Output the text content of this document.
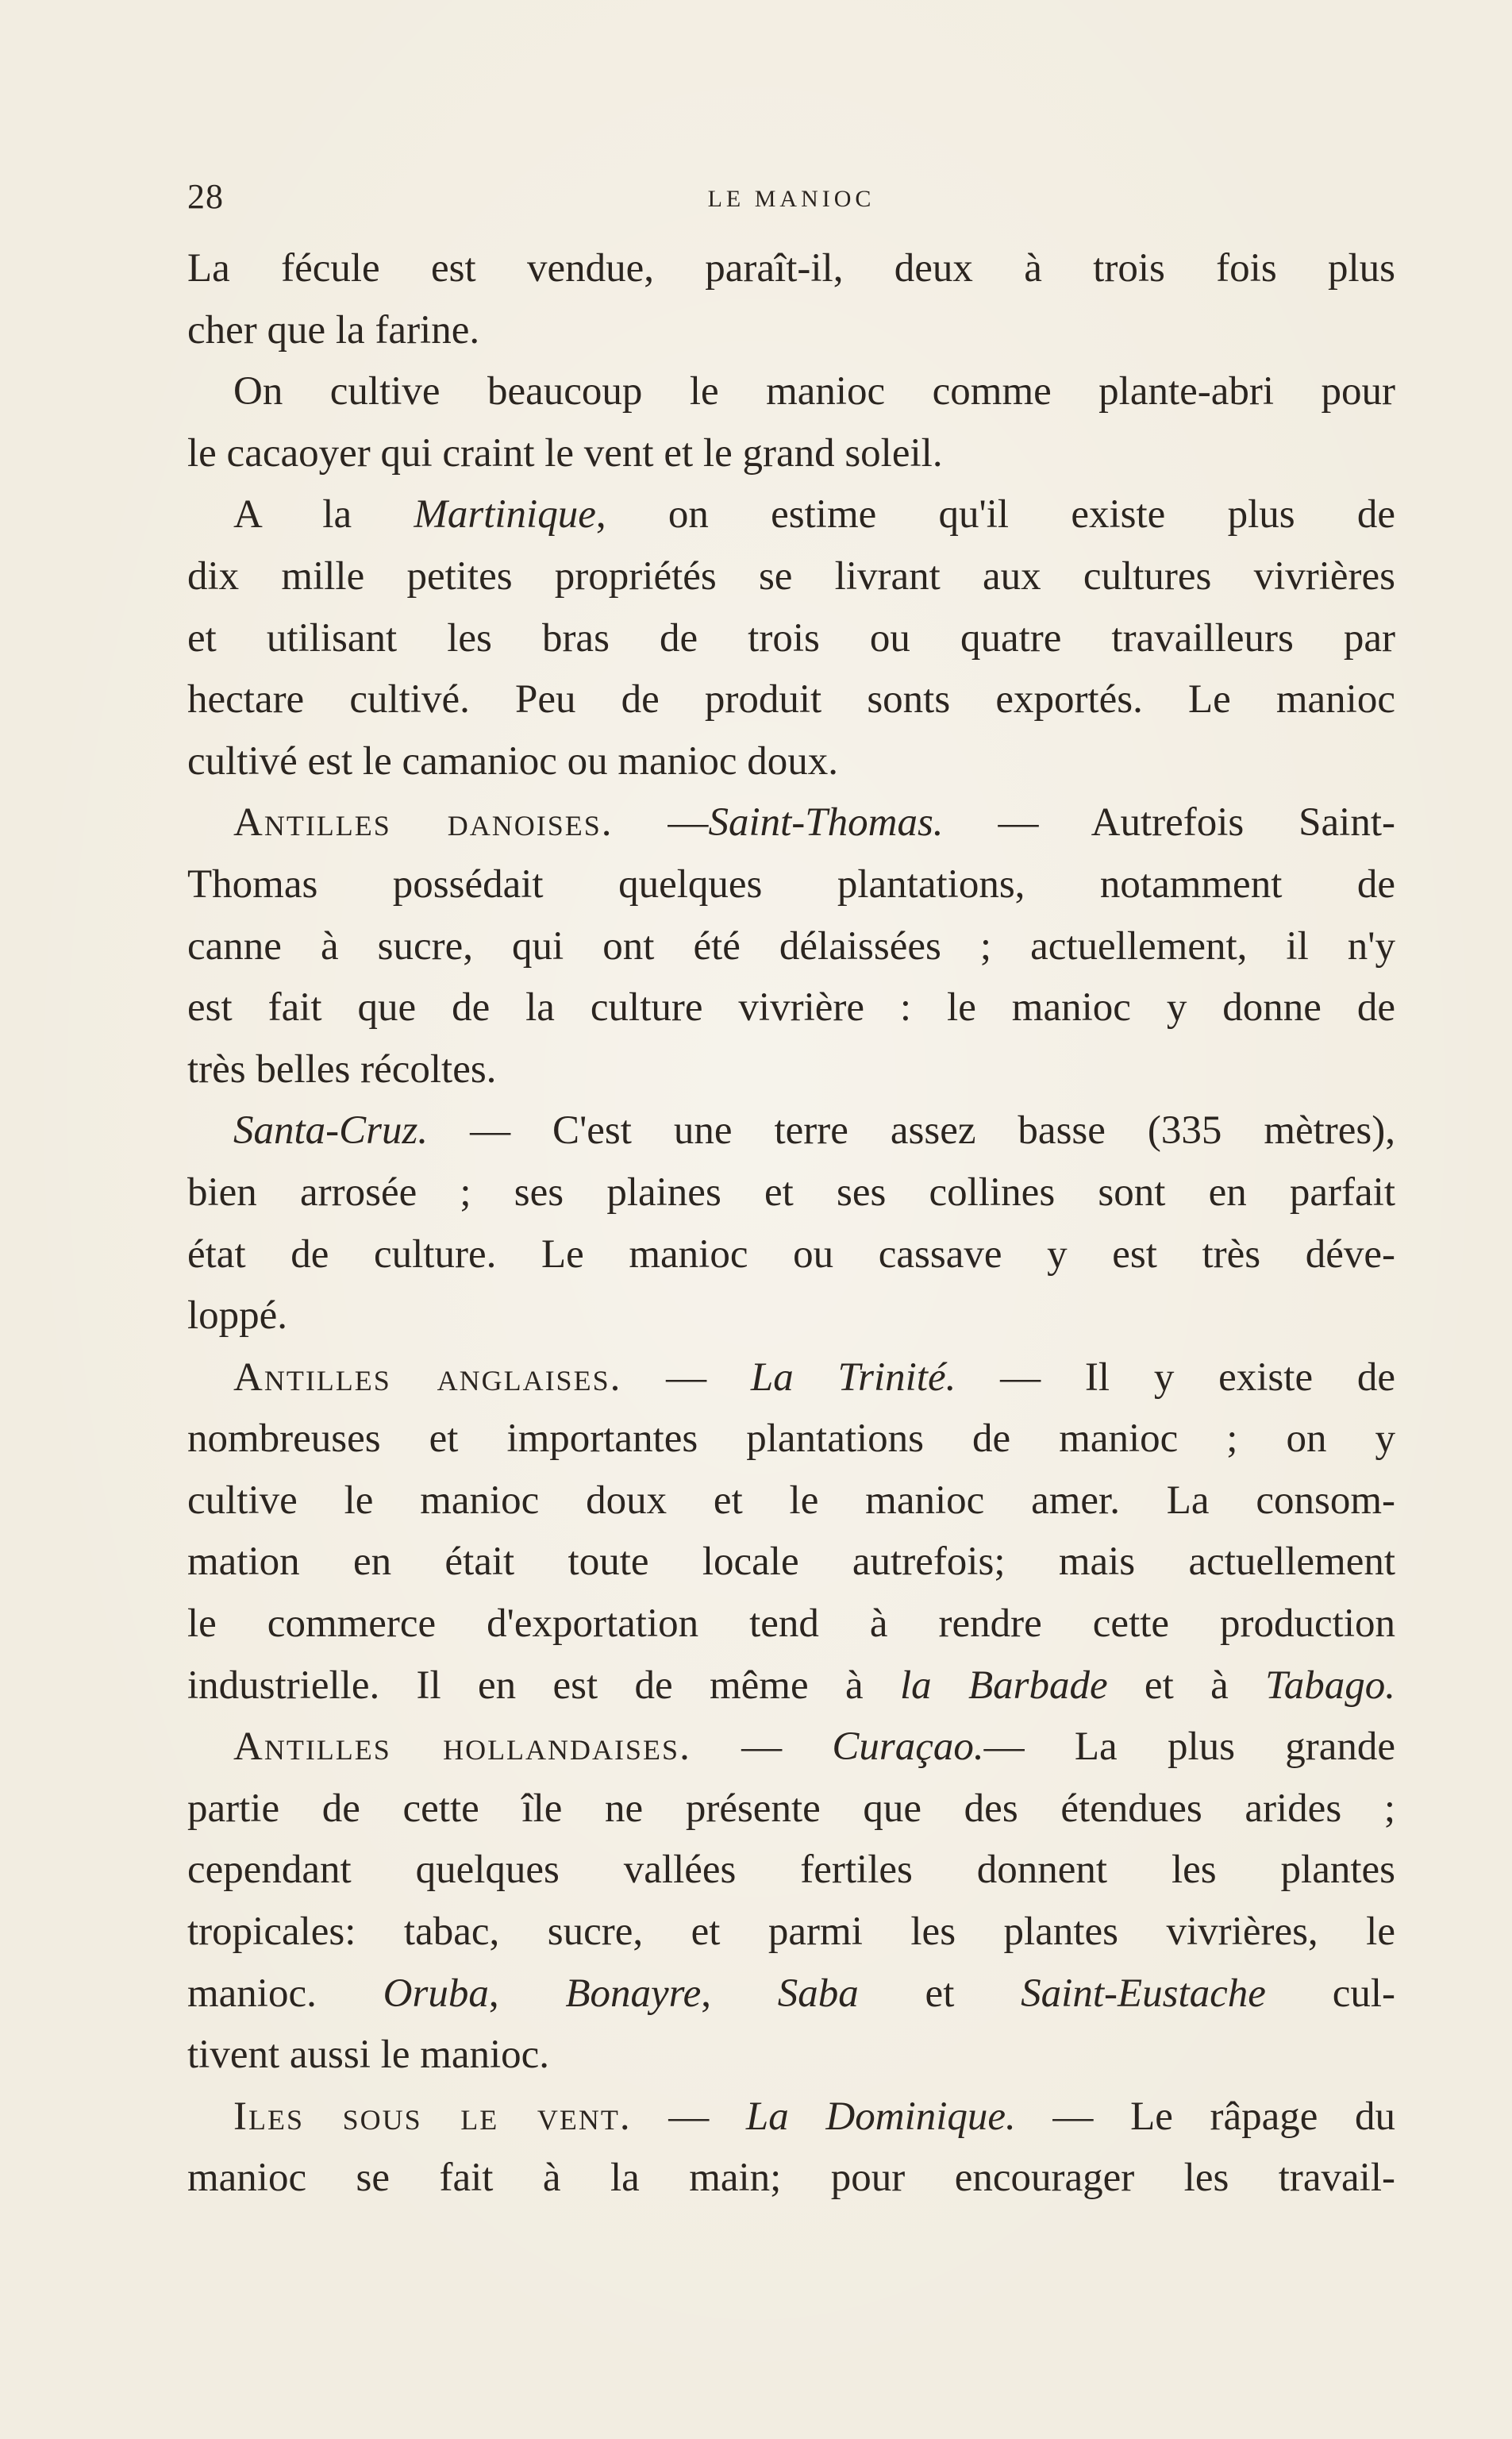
28	LE MANIOC
La fécule est vendue, paraît-il, deux à trois fois plus
cher que la farine.
On cultive beaucoup le manioc comme plante-abri pour
le cacaoyer qui craint le vent et le grand soleil.
A la Martinique, on estime qu'il existe plus de
dix mille petites propriétés se livrant aux cultures vivrières
et utilisant les bras de trois ou quatre travailleurs par
hectare cultivé. Peu de produit sonts exportés. Le manioc
cultivé est le camanioc ou manioc doux.
Antilles danoises. —Saint-Thomas. — Autrefois Saint-
Thomas possédait quelques plantations, notamment de
canne à sucre, qui ont été délaissées ; actuellement, il n'y
est fait que de la culture vivrière : le manioc y donne de
très belles récoltes.
Santa-Cruz. — C'est une terre assez basse (335 mètres),
bien arrosée ; ses plaines et ses collines sont en parfait
état de culture. Le manioc ou cassave y est très déve-
loppé.
Antilles anglaises. — La Trinité. — Il y existe de
nombreuses et importantes plantations de manioc ; on y
cultive le manioc doux et le manioc amer. La consom-
mation en était toute locale autrefois; mais actuellement
le commerce d'exportation tend à rendre cette production
industrielle. Il en est de même à la Barbade et à Tabago.
Antilles hollandaises. — Curaçao.— La plus grande
partie de cette île ne présente que des étendues arides ;
cependant quelques vallées fertiles donnent les plantes
tropicales: tabac, sucre, et parmi les plantes vivrières, le
manioc. Oruba, Bonayre, Saba et Saint-Eustache cul-
tivent aussi le manioc.
Iles sous le vent. — La Dominique. — Le râpage du
manioc se fait à la main; pour encourager les travail-
